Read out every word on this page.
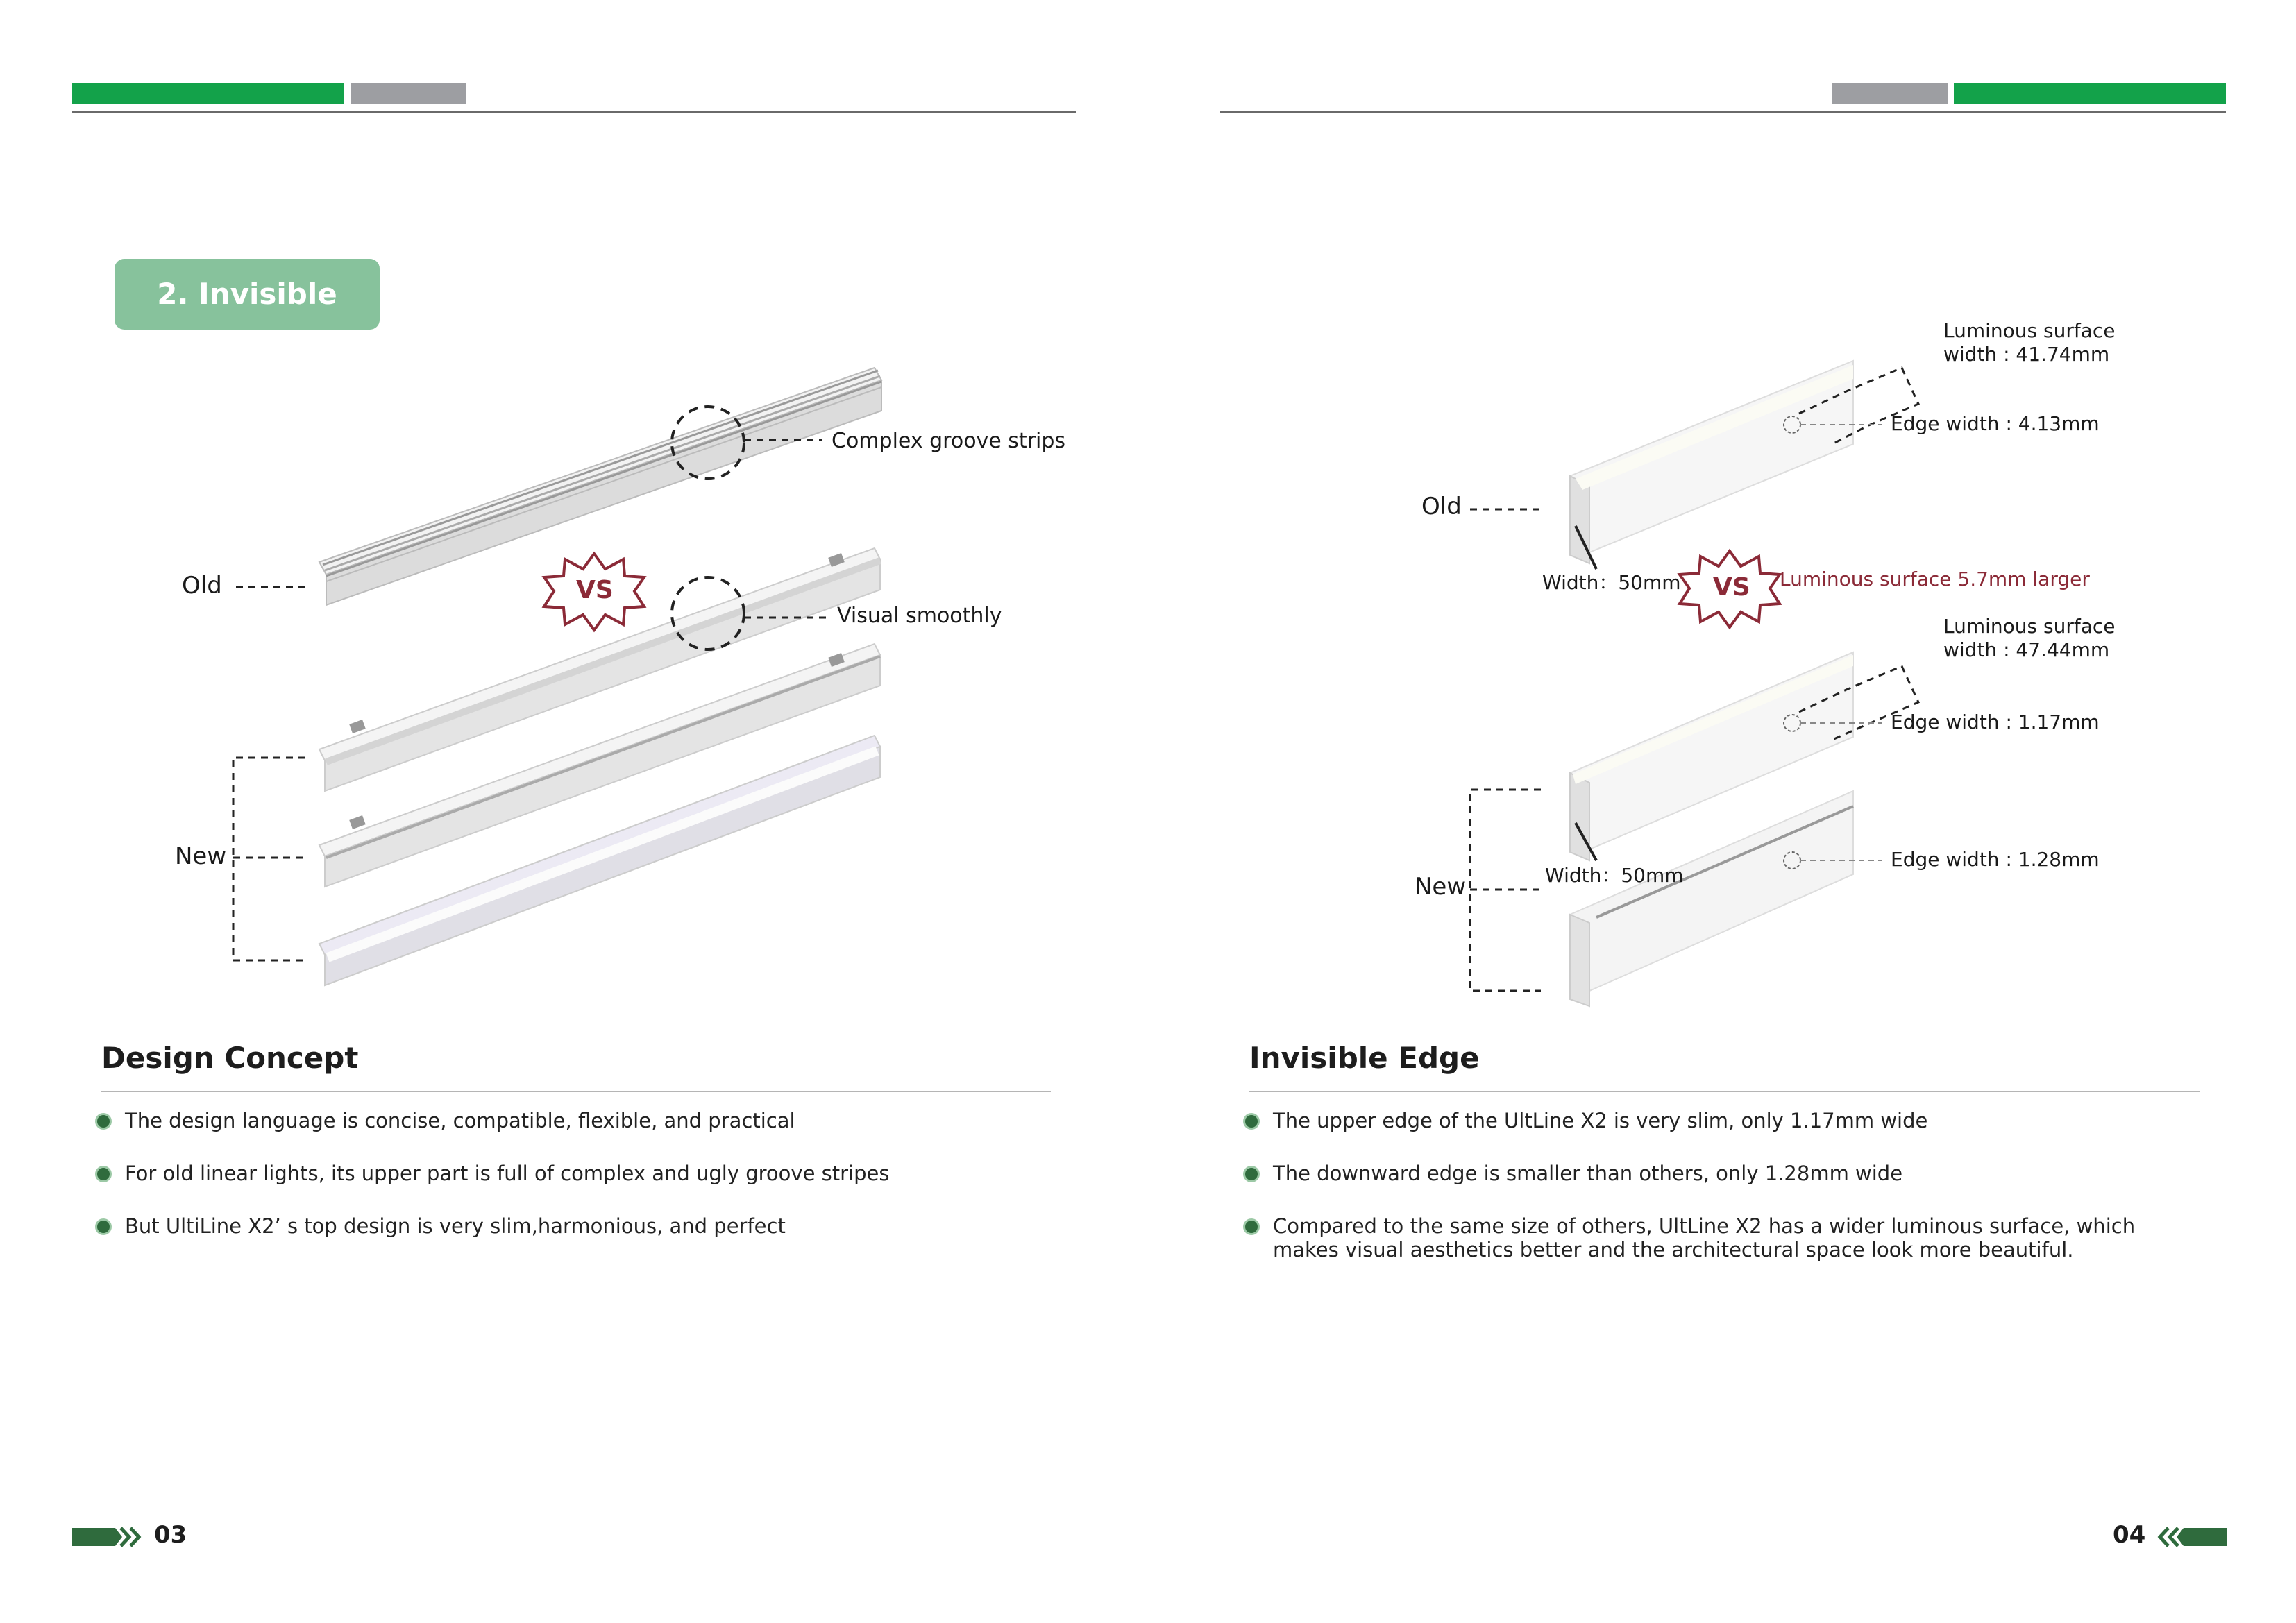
2. Invisible Edge
Complex groove strips
Visual smoothly
Old
New
VS
Design Concept
The design language is concise, compatible, flexible, and practical
For old linear lights, its upper part is full of complex and ugly groove stripes
But UltiLine X2’ s top design is very slim,harmonious, and perfect
03
Old
New
Luminous surface
width : 41.74mm
Edge width : 4.13mm
Width：50mm VS Luminous surface 5.7mm larger
Luminous surface
width : 47.44mm
Edge width : 1.17mm
Width：50mm
Edge width : 1.28mm
Invisible Edge
The upper edge of the UltLine X2 is very slim, only 1.17mm wide
The downward edge is smaller than others, only 1.28mm wide
Compared to the same size of others, UltLine X2 has a wider luminous surface, which makes visual aesthetics better and the architectural space look more beautiful.
04
